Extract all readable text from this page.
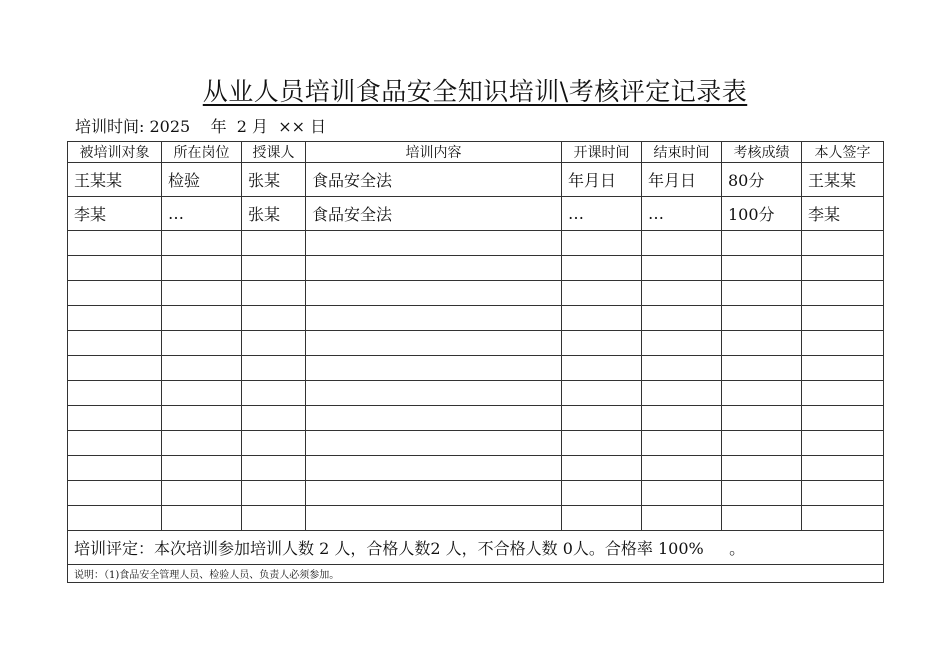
从业人员培训食品安全知识培训\考核评定记录表
培训时间: 2025 年 2 月 ×× 日
被培训对象	所在岗位	授课人	培训内容	开课时间	结束时间	考核成绩	本人签字
王某某	检验	张某	食品安全法	年月日	年月日	80分	王某某
李某	…	张某	食品安全法	…	…	100分	李某

培训评定：本次培训参加培训人数 2 人，合格人数2 人，不合格人数 0人。合格率 100%     。							
说明：（1)食品安全管理人员、检验人员、负责人必须参加。							
